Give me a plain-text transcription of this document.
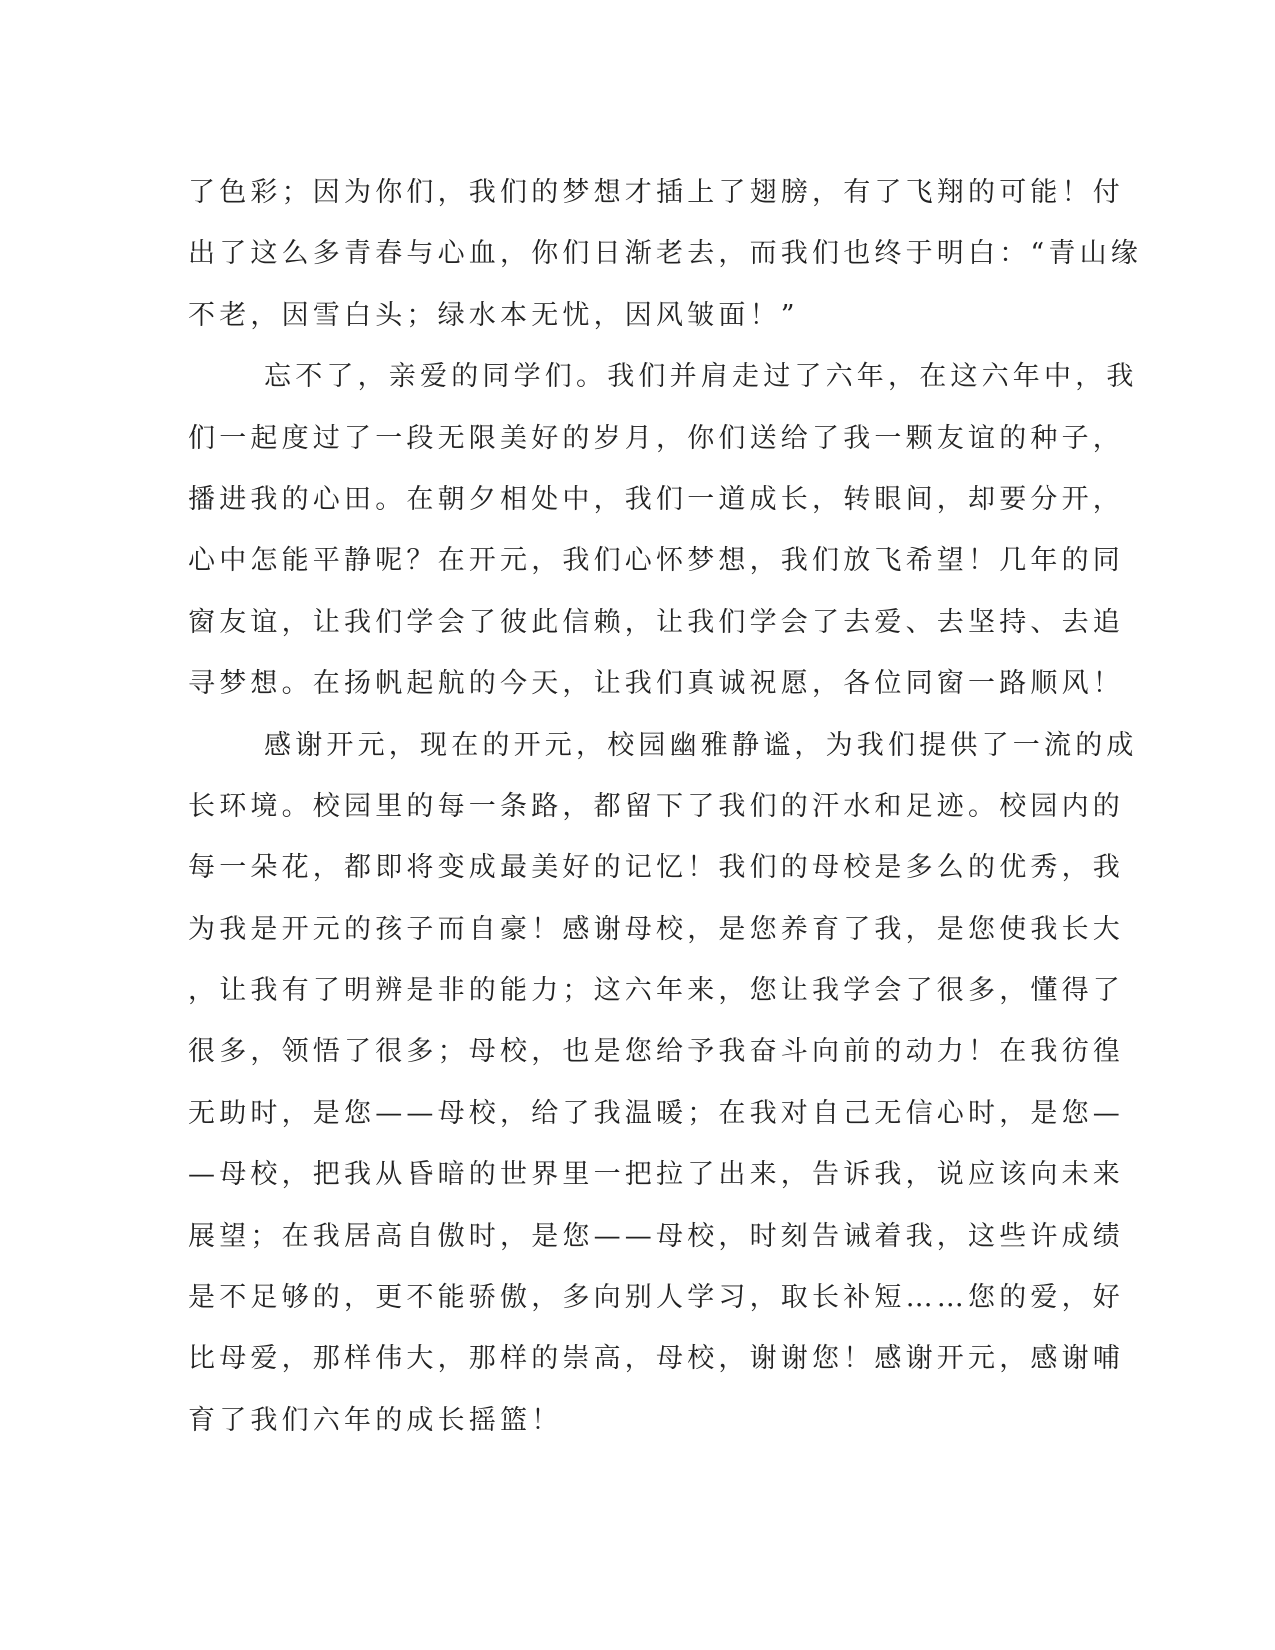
了色彩；因为你们，我们的梦想才插上了翅膀，有了飞翔的可能！付
出了这么多青春与心血，你们日渐老去，而我们也终于明白：“青山缘
不老，因雪白头；绿水本无忧，因风皱面！”
忘不了，亲爱的同学们。我们并肩走过了六年，在这六年中，我
们一起度过了一段无限美好的岁月，你们送给了我一颗友谊的种子，
播进我的心田。在朝夕相处中，我们一道成长，转眼间，却要分开，
心中怎能平静呢？在开元，我们心怀梦想，我们放飞希望！几年的同
窗友谊，让我们学会了彼此信赖，让我们学会了去爱、去坚持、去追
寻梦想。在扬帆起航的今天，让我们真诚祝愿，各位同窗一路顺风！
感谢开元，现在的开元，校园幽雅静谧，为我们提供了一流的成
长环境。校园里的每一条路，都留下了我们的汗水和足迹。校园内的
每一朵花，都即将变成最美好的记忆！我们的母校是多么的优秀，我
为我是开元的孩子而自豪！感谢母校，是您养育了我，是您使我长大
，让我有了明辨是非的能力；这六年来，您让我学会了很多，懂得了
很多，领悟了很多；母校，也是您给予我奋斗向前的动力！在我彷徨
无助时，是您——母校，给了我温暖；在我对自己无信心时，是您—
—母校，把我从昏暗的世界里一把拉了出来，告诉我，说应该向未来
展望；在我居高自傲时，是您——母校，时刻告诫着我，这些许成绩
是不足够的，更不能骄傲，多向别人学习，取长补短……您的爱，好
比母爱，那样伟大，那样的崇高，母校，谢谢您！感谢开元，感谢哺
育了我们六年的成长摇篮！
